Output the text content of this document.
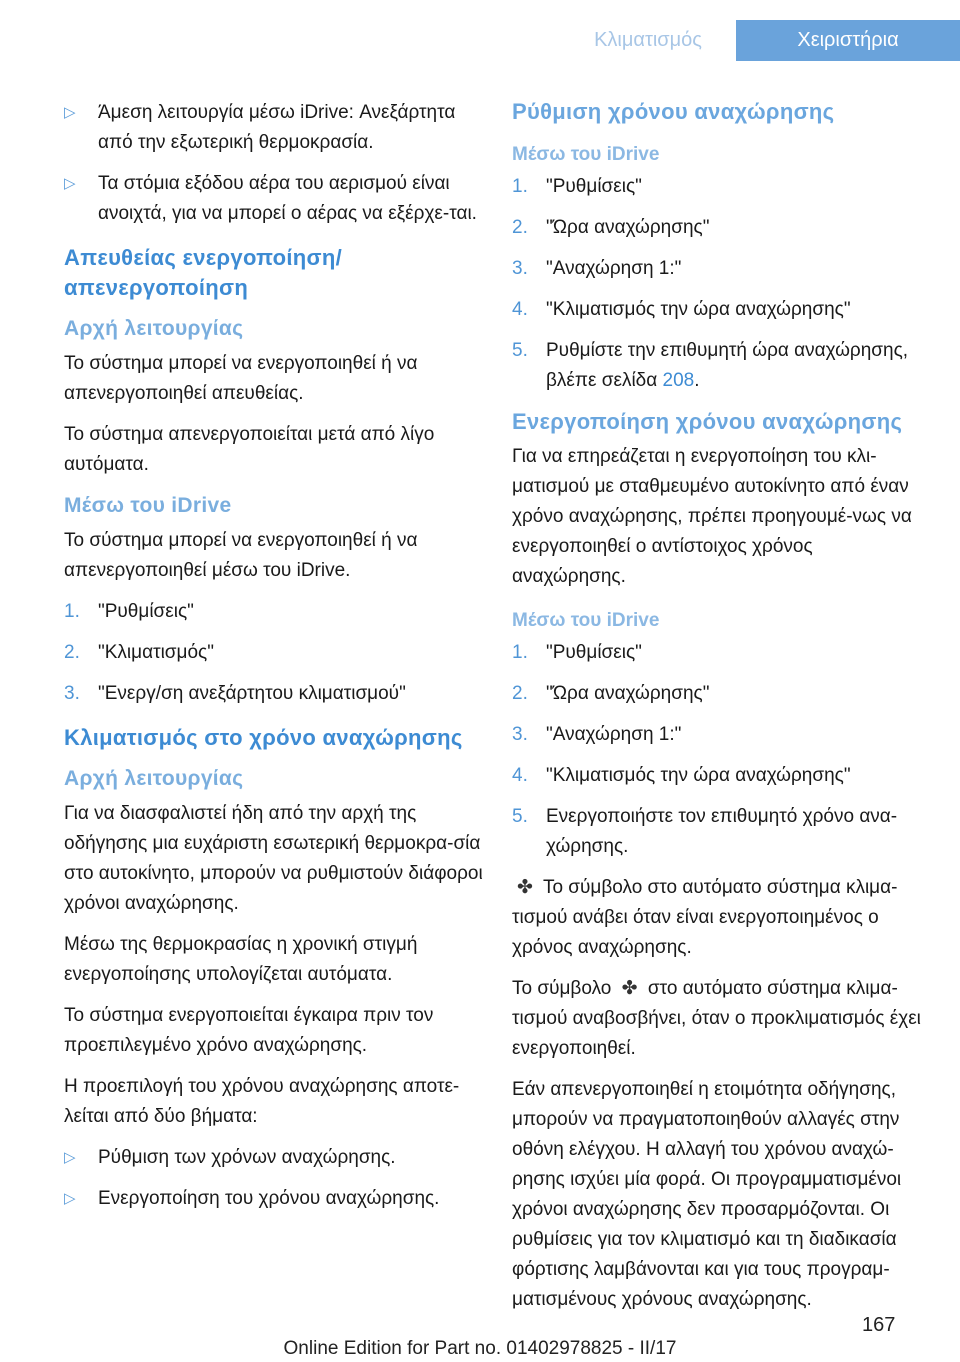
Κλιματισμός	Χειριστήρια
▷	Άμεση λειτουργία μέσω iDrive: Ανεξάρτητα από την εξωτερική θερμοκρασία.
▷	Τα στόμια εξόδου αέρα του αερισμού είναι ανοιχτά, για να μπορεί ο αέρας να εξέρχε‐ται.
Απευθείας ενεργοποίηση/ απενεργοποίηση
Αρχή λειτουργίας

Το σύστημα μπορεί να ενεργοποιηθεί ή να απενεργοποιηθεί απευθείας.

Το σύστημα απενεργοποιείται μετά από λίγο αυτόματα.

Μέσω του iDrive

Το σύστημα μπορεί να ενεργοποιηθεί ή να απενεργοποιηθεί μέσω του iDrive.

1. "Ρυθμίσεις"
2. "Κλιματισμός"
3. "Ενεργ/ση ανεξάρτητου κλιματισμού"
Κλιματισμός στο χρόνο αναχώρησης
Αρχή λειτουργίας

Για να διασφαλιστεί ήδη από την αρχή της οδήγησης μια ευχάριστη εσωτερική θερμοκρα‐σία στο αυτοκίνητο, μπορούν να ρυθμιστούν διάφοροι χρόνοι αναχώρησης.

Μέσω της θερμοκρασίας η χρονική στιγμή ενεργοποίησης υπολογίζεται αυτόματα.

Το σύστημα ενεργοποιείται έγκαιρα πριν τον προεπιλεγμένο χρόνο αναχώρησης.

Η προεπιλογή του χρόνου αναχώρησης αποτε‐λείται από δύο βήματα:

▷	Ρύθμιση των χρόνων αναχώρησης.
▷	Ενεργοποίηση του χρόνου αναχώρησης.
Ρύθμιση χρόνου αναχώρησης
Μέσω του iDrive
1. "Ρυθμίσεις"
2. "Ώρα αναχώρησης"
3. "Αναχώρηση 1:"
4. "Κλιματισμός την ώρα αναχώρησης"
5. Ρυθμίστε την επιθυμητή ώρα αναχώρησης, βλέπε σελίδα 208.
Ενεργοποίηση χρόνου αναχώρησης

Για να επηρεάζεται η ενεργοποίηση του κλι‐ματισμού με σταθμευμένο αυτοκίνητο από έναν χρόνο αναχώρησης, πρέπει προηγουμέ‐νως να ενεργοποιηθεί ο αντίστοιχος χρόνος αναχώρησης.

Μέσω του iDrive
1. "Ρυθμίσεις"
2. "Ώρα αναχώρησης"
3. "Αναχώρηση 1:"
4. "Κλιματισμός την ώρα αναχώρησης"
5. Ενεργοποιήστε τον επιθυμητό χρόνο ανα‐χώρησης.

✤ Το σύμβολο στο αυτόματο σύστημα κλιμα‐τισμού ανάβει όταν είναι ενεργοποιημένος ο χρόνος αναχώρησης.

Το σύμβολο ✤ στο αυτόματο σύστημα κλιμα‐τισμού αναβοσβήνει, όταν ο προκλιματισμός έχει ενεργοποιηθεί.

Εάν απενεργοποιηθεί η ετοιμότητα οδήγησης, μπορούν να πραγματοποιηθούν αλλαγές στην οθόνη ελέγχου. Η αλλαγή του χρόνου αναχώ‐ρησης ισχύει μία φορά. Οι προγραμματισμένοι χρόνοι αναχώρησης δεν προσαρμόζονται. Οι ρυθμίσεις για τον κλιματισμό και τη διαδικασία φόρτισης λαμβάνονται και για τους προγραμ‐ματισμένους χρόνους αναχώρησης.

167
Online Edition for Part no. 01402978825 - II/17
